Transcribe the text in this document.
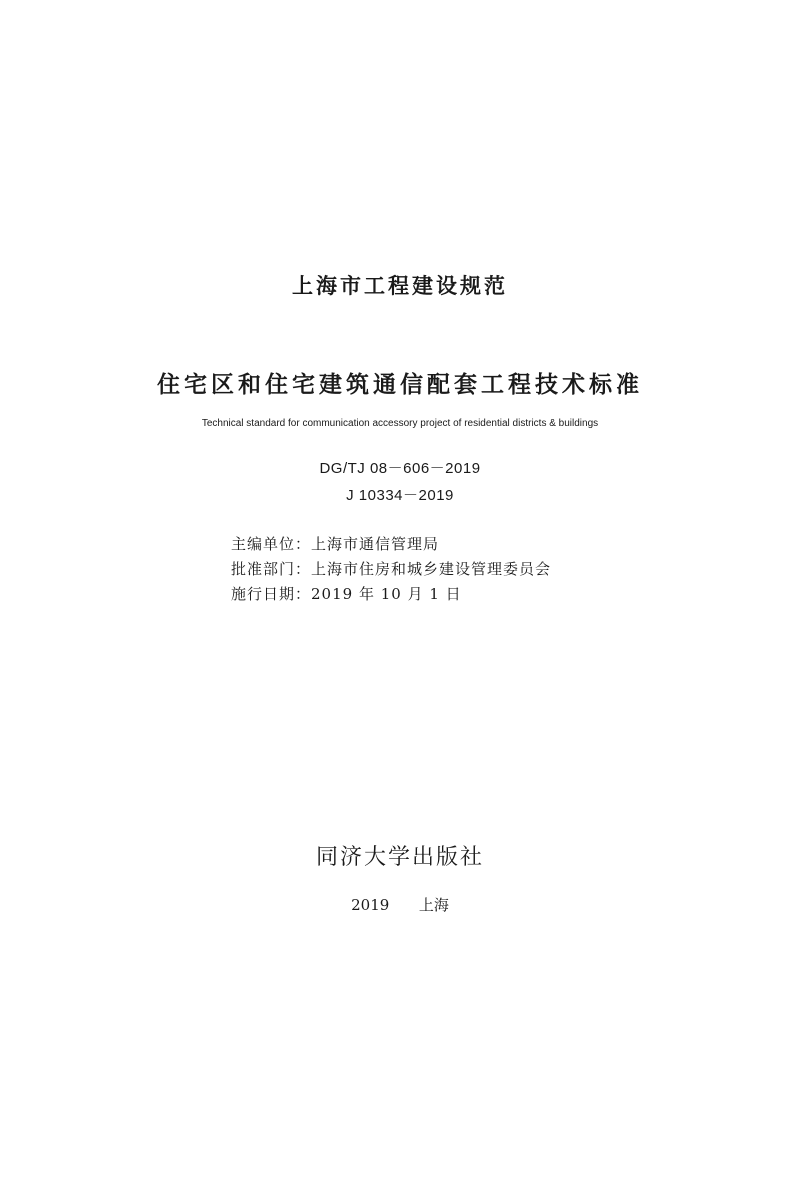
上海市工程建设规范
住宅区和住宅建筑通信配套工程技术标准
Technical standard for communication accessory project of residential districts & buildings
DG/TJ 08－606－2019
J 10334－2019
主编单位：上海市通信管理局
批准部门：上海市住房和城乡建设管理委员会
施行日期：2019 年 10 月 1 日
同济大学出版社
2019  上海
